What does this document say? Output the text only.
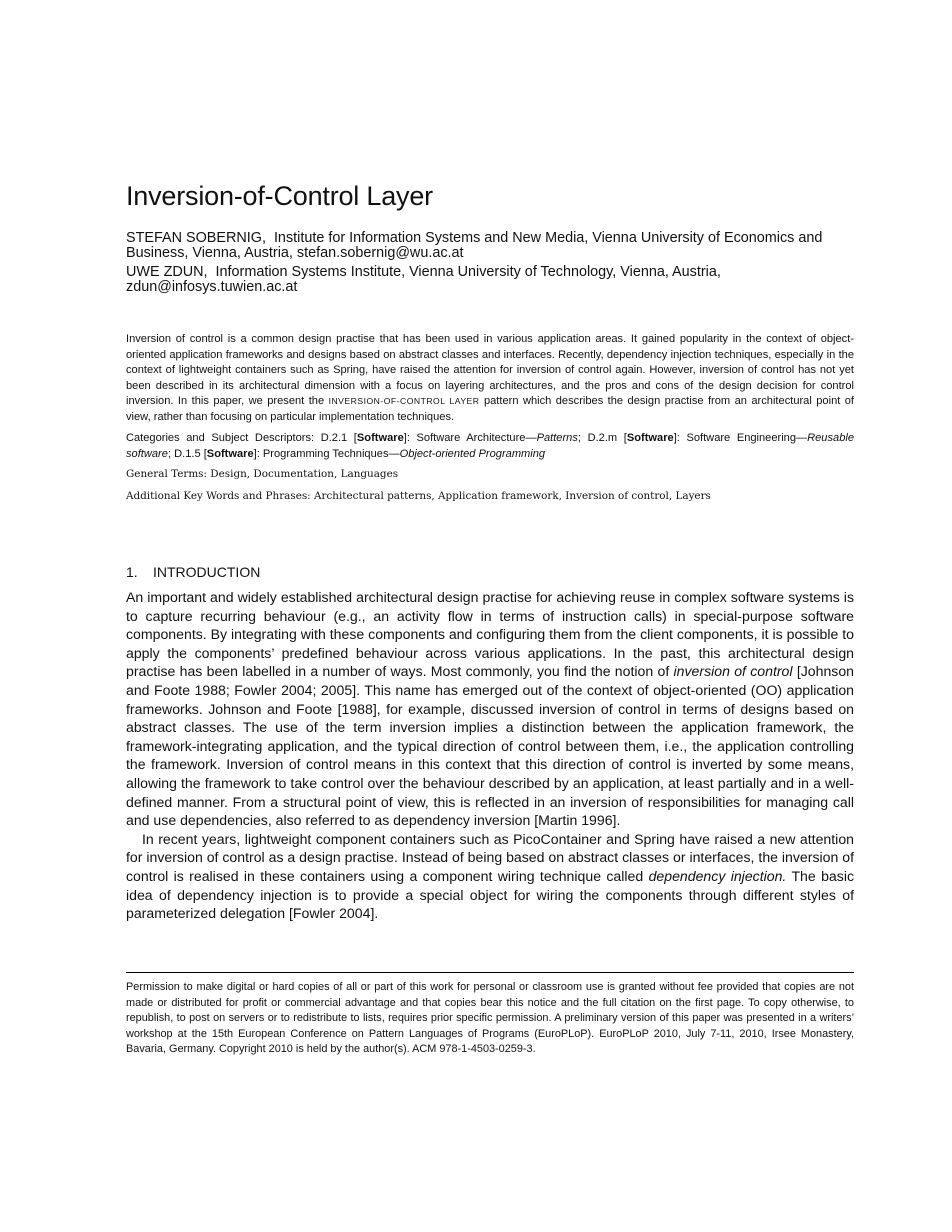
Inversion-of-Control Layer

STEFAN SOBERNIG, Institute for Information Systems and New Media, Vienna University of Economics and Business, Vienna, Austria, stefan.sobernig@wu.ac.at

UWE ZDUN, Information Systems Institute, Vienna University of Technology, Vienna, Austria, zdun@infosys.tuwien.ac.at

Inversion of control is a common design practise that has been used in various application areas. It gained popularity in the context of object-oriented application frameworks and designs based on abstract classes and interfaces. Recently, dependency injection techniques, especially in the context of lightweight containers such as Spring, have raised the attention for inversion of control again. However, inversion of control has not yet been described in its architectural dimension with a focus on layering architectures, and the pros and cons of the design decision for control inversion. In this paper, we present the INVERSION-OF-CONTROL LAYER pattern which describes the design practise from an architectural point of view, rather than focusing on particular implementation techniques.

Categories and Subject Descriptors: D.2.1 [Software]: Software Architecture—Patterns; D.2.m [Software]: Software Engineering—Reusable software; D.1.5 [Software]: Programming Techniques—Object-oriented Programming
General Terms: Design, Documentation, Languages
Additional Key Words and Phrases: Architectural patterns, Application framework, Inversion of control, Layers
1. INTRODUCTION

An important and widely established architectural design practise for achieving reuse in complex software systems is to capture recurring behaviour (e.g., an activity flow in terms of instruction calls) in special-purpose software components. By integrating with these components and configuring them from the client components, it is possible to apply the components’ predefined behaviour across various applications. In the past, this architectural design practise has been labelled in a number of ways. Most commonly, you find the notion of inversion of control [Johnson and Foote 1988; Fowler 2004; 2005]. This name has emerged out of the context of object-oriented (OO) application frameworks. Johnson and Foote [1988], for example, discussed inversion of control in terms of designs based on abstract classes. The use of the term inversion implies a distinction between the application framework, the framework-integrating application, and the typical direction of control between them, i.e., the application controlling the framework. Inversion of control means in this context that this direction of control is inverted by some means, allowing the framework to take control over the behaviour described by an application, at least partially and in a well-defined manner. From a structural point of view, this is reflected in an inversion of responsibilities for managing call and use dependencies, also referred to as dependency inversion [Martin 1996].

In recent years, lightweight component containers such as PicoContainer and Spring have raised a new attention for inversion of control as a design practise. Instead of being based on abstract classes or interfaces, the inversion of control is realised in these containers using a component wiring technique called dependency injection. The basic idea of dependency injection is to provide a special object for wiring the components through different styles of parameterized delegation [Fowler 2004].

Permission to make digital or hard copies of all or part of this work for personal or classroom use is granted without fee provided that copies are not made or distributed for profit or commercial advantage and that copies bear this notice and the full citation on the first page. To copy otherwise, to republish, to post on servers or to redistribute to lists, requires prior specific permission. A preliminary version of this paper was presented in a writers’ workshop at the 15th European Conference on Pattern Languages of Programs (EuroPLoP). EuroPLoP 2010, July 7-11, 2010, Irsee Monastery, Bavaria, Germany. Copyright 2010 is held by the author(s). ACM 978-1-4503-0259-3.
